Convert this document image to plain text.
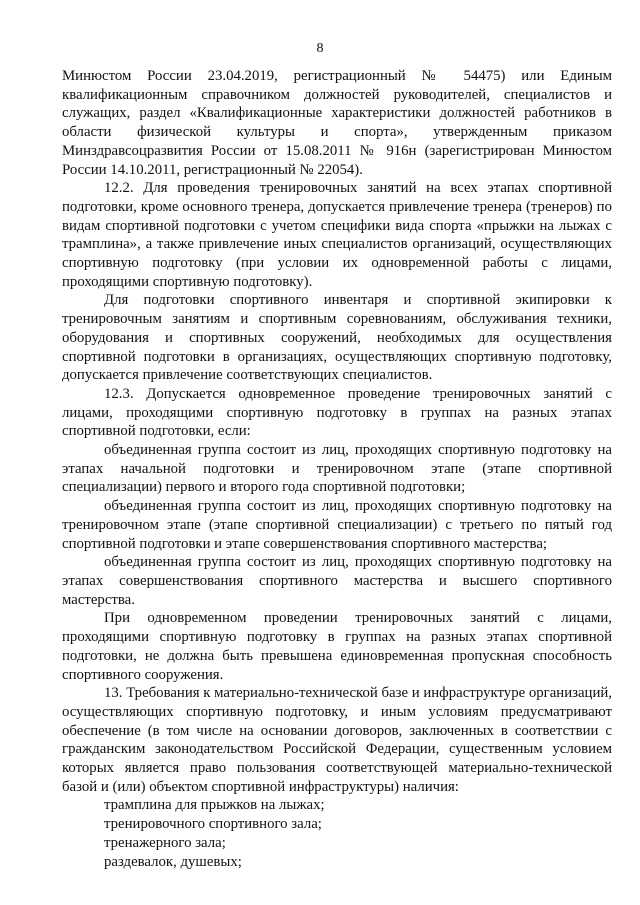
8

Минюстом России 23.04.2019, регистрационный № 54475) или Единым квалификационным справочником должностей руководителей, специалистов и служащих, раздел «Квалификационные характеристики должностей работников в области физической культуры и спорта», утвержденным приказом Минздравсоцразвития России от 15.08.2011 № 916н (зарегистрирован Минюстом России 14.10.2011, регистрационный № 22054).

12.2. Для проведения тренировочных занятий на всех этапах спортивной подготовки, кроме основного тренера, допускается привлечение тренера (тренеров) по видам спортивной подготовки с учетом специфики вида спорта «прыжки на лыжах с трамплина», а также привлечение иных специалистов организаций, осуществляющих спортивную подготовку (при условии их одновременной работы с лицами, проходящими спортивную подготовку).

Для подготовки спортивного инвентаря и спортивной экипировки к тренировочным занятиям и спортивным соревнованиям, обслуживания техники, оборудования и спортивных сооружений, необходимых для осуществления спортивной подготовки в организациях, осуществляющих спортивную подготовку, допускается привлечение соответствующих специалистов.

12.3. Допускается одновременное проведение тренировочных занятий с лицами, проходящими спортивную подготовку в группах на разных этапах спортивной подготовки, если:

объединенная группа состоит из лиц, проходящих спортивную подготовку на этапах начальной подготовки и тренировочном этапе (этапе спортивной специализации) первого и второго года спортивной подготовки;

объединенная группа состоит из лиц, проходящих спортивную подготовку на тренировочном этапе (этапе спортивной специализации) с третьего по пятый год спортивной подготовки и этапе совершенствования спортивного мастерства;

объединенная группа состоит из лиц, проходящих спортивную подготовку на этапах совершенствования спортивного мастерства и высшего спортивного мастерства.

При одновременном проведении тренировочных занятий с лицами, проходящими спортивную подготовку в группах на разных этапах спортивной подготовки, не должна быть превышена единовременная пропускная способность спортивного сооружения.

13. Требования к материально-технической базе и инфраструктуре организаций, осуществляющих спортивную подготовку, и иным условиям предусматривают обеспечение (в том числе на основании договоров, заключенных в соответствии с гражданским законодательством Российской Федерации, существенным условием которых является право пользования соответствующей материально-технической базой и (или) объектом спортивной инфраструктуры) наличия:

трамплина для прыжков на лыжах;

тренировочного спортивного зала;

тренажерного зала;

раздевалок, душевых;
